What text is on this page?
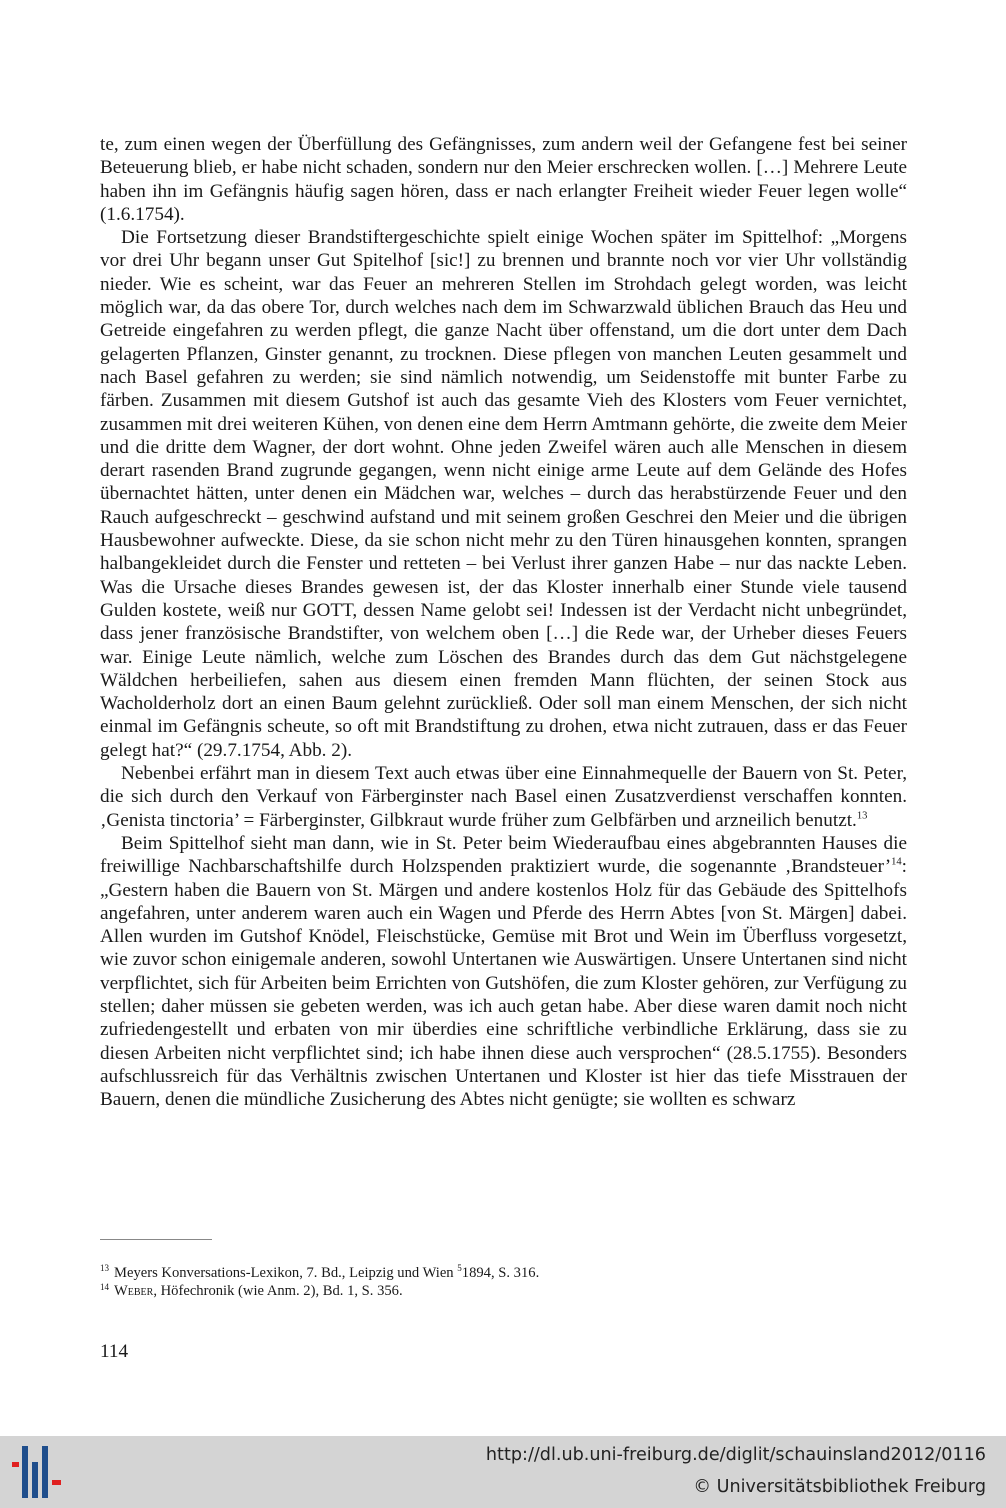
te, zum einen wegen der Überfüllung des Gefängnisses, zum andern weil der Gefangene fest bei seiner Beteuerung blieb, er habe nicht schaden, sondern nur den Meier erschrecken wollen. […] Mehrere Leute haben ihn im Gefängnis häufig sagen hören, dass er nach erlangter Freiheit wieder Feuer legen wolle“ (1.6.1754).

Die Fortsetzung dieser Brandstiftergeschichte spielt einige Wochen später im Spittelhof: „Morgens vor drei Uhr begann unser Gut Spitelhof [sic!] zu brennen und brannte noch vor vier Uhr vollständig nieder. Wie es scheint, war das Feuer an mehreren Stellen im Strohdach gelegt worden, was leicht möglich war, da das obere Tor, durch welches nach dem im Schwarzwald üblichen Brauch das Heu und Getreide eingefahren zu werden pflegt, die ganze Nacht über offenstand, um die dort unter dem Dach gelagerten Pflanzen, Ginster genannt, zu trocknen. Diese pflegen von manchen Leuten gesammelt und nach Basel gefahren zu werden; sie sind nämlich notwendig, um Seidenstoffe mit bunter Farbe zu färben. Zusammen mit diesem Gutshof ist auch das gesamte Vieh des Klosters vom Feuer vernichtet, zusammen mit drei weiteren Kühen, von denen eine dem Herrn Amtmann gehörte, die zweite dem Meier und die dritte dem Wagner, der dort wohnt. Ohne jeden Zweifel wären auch alle Menschen in diesem derart rasenden Brand zugrunde gegangen, wenn nicht einige arme Leute auf dem Gelände des Hofes übernachtet hätten, unter denen ein Mädchen war, welches – durch das herabstürzende Feuer und den Rauch aufgeschreckt – geschwind aufstand und mit seinem großen Geschrei den Meier und die übrigen Hausbewohner aufweckte. Diese, da sie schon nicht mehr zu den Türen hinausgehen konnten, sprangen halbangekleidet durch die Fenster und retteten – bei Verlust ihrer ganzen Habe – nur das nackte Leben. Was die Ursache dieses Brandes gewesen ist, der das Kloster innerhalb einer Stunde viele tausend Gulden kostete, weiß nur GOTT, dessen Name gelobt sei! Indessen ist der Verdacht nicht unbegründet, dass jener französische Brandstifter, von welchem oben […] die Rede war, der Urheber dieses Feuers war. Einige Leute nämlich, welche zum Löschen des Brandes durch das dem Gut nächstgelegene Wäldchen herbeiliefen, sahen aus diesem einen fremden Mann flüchten, der seinen Stock aus Wacholderholz dort an einen Baum gelehnt zurückließ. Oder soll man einem Menschen, der sich nicht einmal im Gefängnis scheute, so oft mit Brandstiftung zu drohen, etwa nicht zutrauen, dass er das Feuer gelegt hat?“ (29.7.1754, Abb. 2).

Nebenbei erfährt man in diesem Text auch etwas über eine Einnahmequelle der Bauern von St. Peter, die sich durch den Verkauf von Färberginster nach Basel einen Zusatzverdienst verschaffen konnten. ‚Genista tinctoria’ = Färberginster, Gilbkraut wurde früher zum Gelbfärben und arzneilich benutzt.$^{13}$

Beim Spittelhof sieht man dann, wie in St. Peter beim Wiederaufbau eines abgebrannten Hauses die freiwillige Nachbarschaftshilfe durch Holzspenden praktiziert wurde, die sogenannte ‚Brandsteuer’$^{14}$: „Gestern haben die Bauern von St. Märgen und andere kostenlos Holz für das Gebäude des Spittelhofs angefahren, unter anderem waren auch ein Wagen und Pferde des Herrn Abtes [von St. Märgen] dabei. Allen wurden im Gutshof Knödel, Fleischstücke, Gemüse mit Brot und Wein im Überfluss vorgesetzt, wie zuvor schon einigemale anderen, sowohl Untertanen wie Auswärtigen. Unsere Untertanen sind nicht verpflichtet, sich für Arbeiten beim Errichten von Gutshöfen, die zum Kloster gehören, zur Verfügung zu stellen; daher müssen sie gebeten werden, was ich auch getan habe. Aber diese waren damit noch nicht zufriedengestellt und erbaten von mir überdies eine schriftliche verbindliche Erklärung, dass sie zu diesen Arbeiten nicht verpflichtet sind; ich habe ihnen diese auch versprochen“ (28.5.1755). Besonders aufschlussreich für das Verhältnis zwischen Untertanen und Kloster ist hier das tiefe Misstrauen der Bauern, denen die mündliche Zusicherung des Abtes nicht genügte; sie wollten es schwarz

$^{13}$ Meyers Konversations-Lexikon, 7. Bd., Leipzig und Wien $^5$1894, S. 316.
$^{14}$ Weber, Höfechronik (wie Anm. 2), Bd. 1, S. 356.
114
http://dl.ub.uni-freiburg.de/diglit/schauinsland2012/0116
© Universitätsbibliothek Freiburg
